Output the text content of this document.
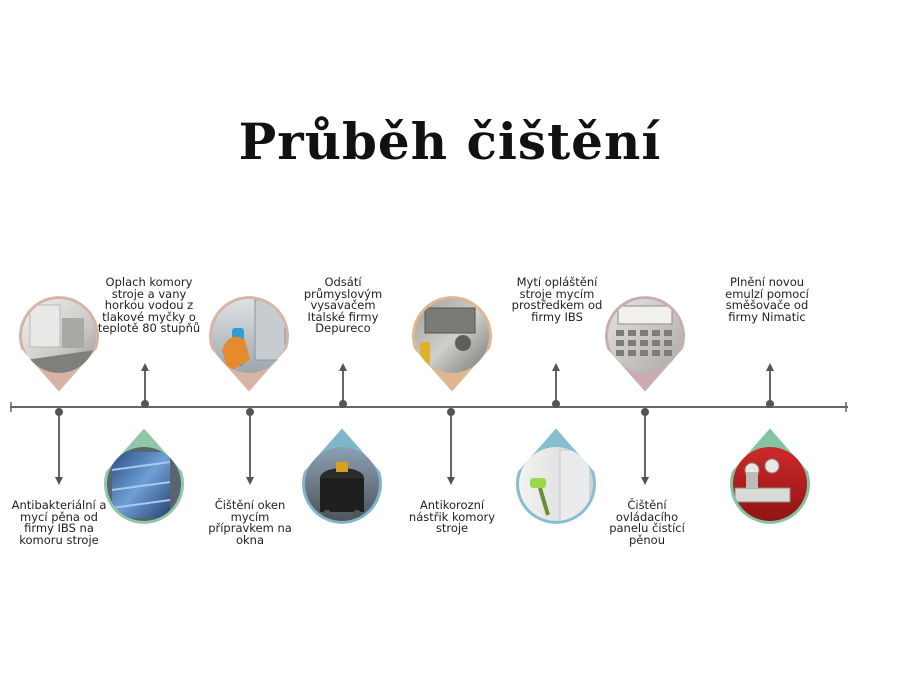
Průběh čištění

Antibakteriální a mycí pěna od firmy IBS na komoru stroje

Oplach komory stroje a vany horkou vodou z tlakové myčky o teplotě 80 stupňů

Čištění oken mycím přípravkem na okna

Odsátí průmyslovým vysavačem Italské firmy Depureco

Antikorozní nástřik komory stroje

Mytí opláštění stroje mycím prostředkem od firmy IBS

Čištění ovládacího panelu čistící pěnou

Plnění novou emulzí pomocí směšovače od firmy Nimatic
